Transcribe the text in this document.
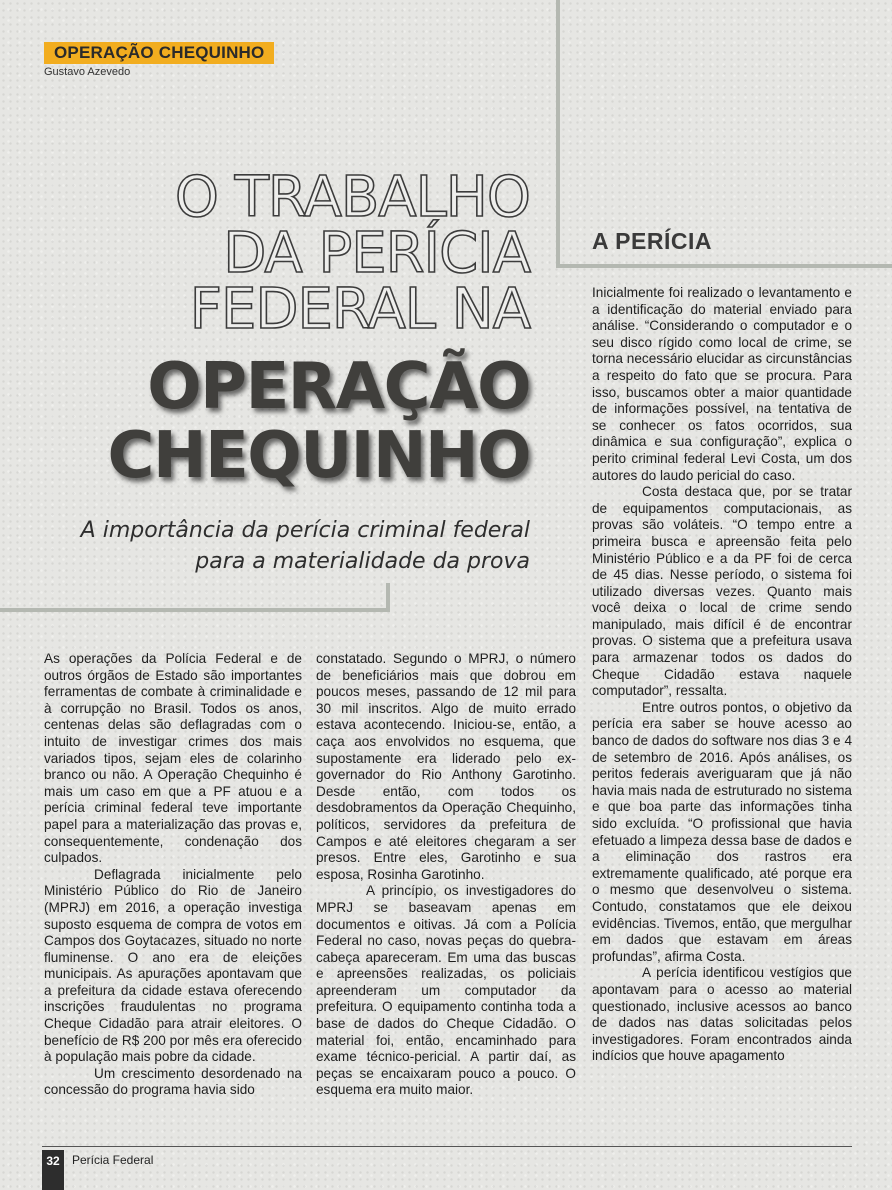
OPERAÇÃO CHEQUINHO
Gustavo Azevedo
O TRABALHO
DA PERÍCIA
FEDERAL NA
OPERAÇÃO
CHEQUINHO
A importância da perícia criminal federal para a materialidade da prova
A PERÍCIA

Inicialmente foi realizado o levantamento e a identificação do material enviado para análise. “Considerando o computador e o seu disco rígido como local de crime, se torna necessário elucidar as circunstâncias a respeito do fato que se procura. Para isso, buscamos obter a maior quantidade de informações possível, na tentativa de se conhecer os fatos ocorridos, sua dinâmica e sua configuração”, explica o perito criminal federal Levi Costa, um dos autores do laudo pericial do caso.

Costa destaca que, por se tratar de equipamentos computacionais, as provas são voláteis. “O tempo entre a primeira busca e apreensão feita pelo Ministério Público e a da PF foi de cerca de 45 dias. Nesse período, o sistema foi utilizado diversas vezes. Quanto mais você deixa o local de crime sendo manipulado, mais difícil é de encontrar provas. O sistema que a prefeitura usava para armazenar todos os dados do Cheque Cidadão estava naquele computador”, ressalta.

Entre outros pontos, o objetivo da perícia era saber se houve acesso ao banco de dados do software nos dias 3 e 4 de setembro de 2016. Após análises, os peritos federais averiguaram que já não havia mais nada de estruturado no sistema e que boa parte das informações tinha sido excluída. “O profissional que havia efetuado a limpeza dessa base de dados e a eliminação dos rastros era extremamente qualificado, até porque era o mesmo que desenvolveu o sistema. Contudo, constatamos que ele deixou evidências. Tivemos, então, que mergulhar em dados que estavam em áreas profundas”, afirma Costa.

A perícia identificou vestígios que apontavam para o acesso ao material questionado, inclusive acessos ao banco de dados nas datas solicitadas pelos investigadores. Foram encontrados ainda indícios que houve apagamento

As operações da Polícia Federal e de outros órgãos de Estado são importantes ferramentas de combate à criminalidade e à corrupção no Brasil. Todos os anos, centenas delas são deflagradas com o intuito de investigar crimes dos mais variados tipos, sejam eles de colarinho branco ou não. A Operação Chequinho é mais um caso em que a PF atuou e a perícia criminal federal teve importante papel para a materialização das provas e, consequentemente, condenação dos culpados.

Deflagrada inicialmente pelo Ministério Público do Rio de Janeiro (MPRJ) em 2016, a operação investiga suposto esquema de compra de votos em Campos dos Goytacazes, situado no norte fluminense. O ano era de eleições municipais. As apurações apontavam que a prefeitura da cidade estava oferecendo inscrições fraudulentas no programa Cheque Cidadão para atrair eleitores. O benefício de R$ 200 por mês era oferecido à população mais pobre da cidade.

Um crescimento desordenado na concessão do programa havia sido

constatado. Segundo o MPRJ, o número de beneficiários mais que dobrou em poucos meses, passando de 12 mil para 30 mil inscritos. Algo de muito errado estava acontecendo. Iniciou-se, então, a caça aos envolvidos no esquema, que supostamente era liderado pelo ex-governador do Rio Anthony Garotinho. Desde então, com todos os desdobramentos da Operação Chequinho, políticos, servidores da prefeitura de Campos e até eleitores chegaram a ser presos. Entre eles, Garotinho e sua esposa, Rosinha Garotinho.

A princípio, os investigadores do MPRJ se baseavam apenas em documentos e oitivas. Já com a Polícia Federal no caso, novas peças do quebra-cabeça apareceram. Em uma das buscas e apreensões realizadas, os policiais apreenderam um computador da prefeitura. O equipamento continha toda a base de dados do Cheque Cidadão. O material foi, então, encaminhado para exame técnico-pericial. A partir daí, as peças se encaixaram pouco a pouco. O esquema era muito maior.

32	Perícia Federal
